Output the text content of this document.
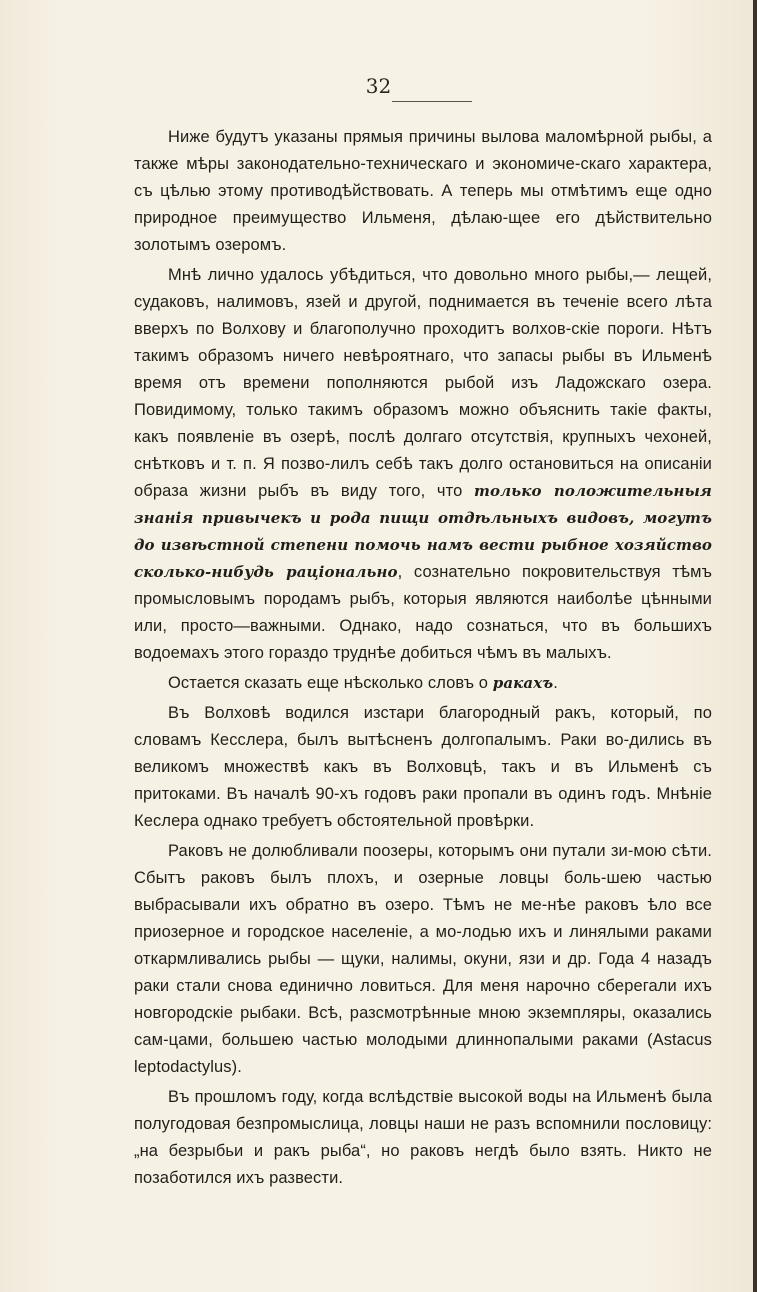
32

Ниже будутъ указаны прямыя причины вылова маломѣрной рыбы, а также мѣры законодательно-техническаго и экономиче-скаго характера, съ цѣлью этому противодѣйствовать. А теперь мы отмѣтимъ еще одно природное преимущество Ильменя, дѣлаю-щее его дѣйствительно золотымъ озеромъ.

Мнѣ лично удалось убѣдиться, что довольно много рыбы,— лещей, судаковъ, налимовъ, язей и другой, поднимается въ теченіе всего лѣта вверхъ по Волхову и благополучно проходитъ волхов-скіе пороги. Нѣтъ такимъ образомъ ничего невѣроятнаго, что запасы рыбы въ Ильменѣ время отъ времени пополняются рыбой изъ Ладожскаго озера. Повидимому, только такимъ образомъ можно объяснить такіе факты, какъ появленіе въ озерѣ, послѣ долгаго отсутствія, крупныхъ чехоней, снѣтковъ и т. п. Я позво-лилъ себѣ такъ долго остановиться на описаніи образа жизни рыбъ въ виду того, что только положительныя знанія привычекъ и рода пищи отдѣльныхъ видовъ, могутъ до извѣстной степени помочь намъ вести рыбное хозяйство сколько-нибудь раціонально, сознательно покровительствуя тѣмъ промысловымъ породамъ рыбъ, которыя являются наиболѣе цѣнными или, просто—важными. Однако, надо сознаться, что въ большихъ водоемахъ этого гораздо труднѣе добиться чѣмъ въ малыхъ.

Остается сказать еще нѣсколько словъ о ракахъ.

Въ Волховѣ водился изстари благородный ракъ, который, по словамъ Кесслера, былъ вытѣсненъ долгопалымъ. Раки во-дились въ великомъ множествѣ какъ въ Волховцѣ, такъ и въ Ильменѣ съ притоками. Въ началѣ 90-хъ годовъ раки пропали въ одинъ годъ. Мнѣніе Кеслера однако требуетъ обстоятельной провѣрки.

Раковъ не долюбливали поозеры, которымъ они путали зи-мою сѣти. Сбытъ раковъ былъ плохъ, и озерные ловцы боль-шею частью выбрасывали ихъ обратно въ озеро. Тѣмъ не ме-нѣе раковъ ѣло все приозерное и городское населеніе, а мо-лодью ихъ и линялыми раками откармливались рыбы — щуки, налимы, окуни, язи и др. Года 4 назадъ раки стали снова единично ловиться. Для меня нарочно сберегали ихъ новгородскіе рыбаки. Всѣ, разсмотрѣнные мною экземпляры, оказались сам-цами, большею частью молодыми длиннопалыми раками (Astacus leptodactylus).

Въ прошломъ году, когда вслѣдствіе высокой воды на Ильменѣ была полугодовая безпромыслица, ловцы наши не разъ вспомнили пословицу: „на безрыбьи и ракъ рыба“, но раковъ негдѣ было взять. Никто не позаботился ихъ развести.
